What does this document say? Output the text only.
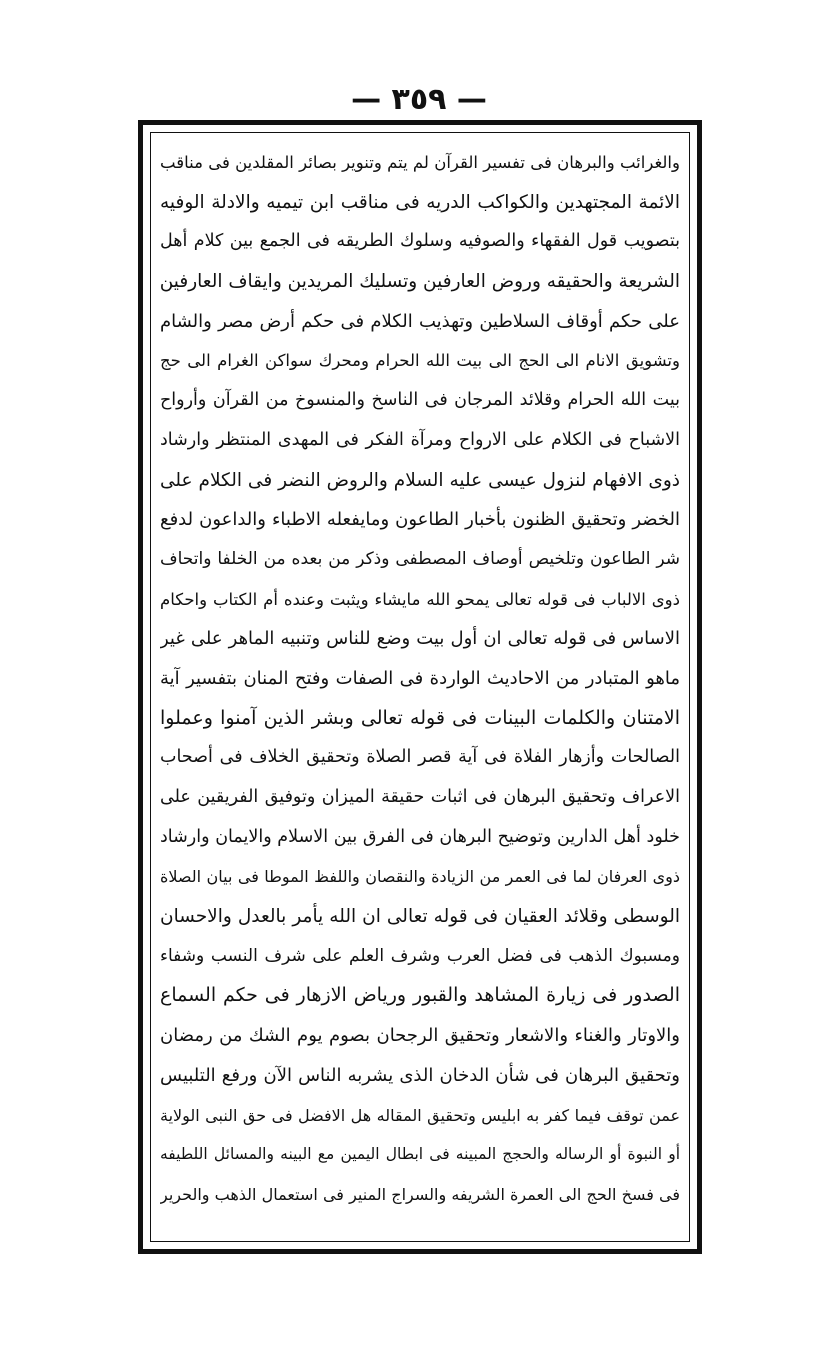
— ٣٥٩ —
والغرائب والبرهان فى تفسير القرآن لم يتم وتنوير بصائر المقلدين فى مناقب
الائمة المجتهدين والكواكب الدريه فى مناقب ابن تيميه والادلة الوفيه
بتصويب قول الفقهاء والصوفيه وسلوك الطريقه فى الجمع بين كلام أهل
الشريعة والحقيقه وروض العارفين وتسليك المريدين وايقاف العارفين
على حكم أوقاف السلاطين وتهذيب الكلام فى حكم أرض مصر والشام
وتشويق الانام الى الحج الى بيت الله الحرام ومحرك سواكن الغرام الى حج
بيت الله الحرام وقلائد المرجان فى الناسخ والمنسوخ من القرآن وأرواح
الاشباح فى الكلام على الارواح ومرآة الفكر فى المهدى المنتظر وارشاد
ذوى الافهام لنزول عيسى عليه السلام والروض النضر فى الكلام على
الخضر وتحقيق الظنون بأخبار الطاعون ومايفعله الاطباء والداعون لدفع
شر الطاعون وتلخيص أوصاف المصطفى وذكر من بعده من الخلفا واتحاف
ذوى الالباب فى قوله تعالى يمحو الله مايشاء ويثبت وعنده أم الكتاب واحكام
الاساس فى قوله تعالى ان أول بيت وضع للناس وتنبيه الماهر على غير
ماهو المتبادر من الاحاديث الواردة فى الصفات وفتح المنان بتفسير آية
الامتنان والكلمات البينات فى قوله تعالى وبشر الذين آمنوا وعملوا
الصالحات وأزهار الفلاة فى آية قصر الصلاة وتحقيق الخلاف فى أصحاب
الاعراف وتحقيق البرهان فى اثبات حقيقة الميزان وتوفيق الفريقين على
خلود أهل الدارين وتوضيح البرهان فى الفرق بين الاسلام والايمان وارشاد
ذوى العرفان لما فى العمر من الزيادة والنقصان واللفظ الموطا فى بيان الصلاة
الوسطى وقلائد العقيان فى قوله تعالى ان الله يأمر بالعدل والاحسان
ومسبوك الذهب فى فضل العرب وشرف العلم على شرف النسب وشفاء
الصدور فى زيارة المشاهد والقبور ورياض الازهار فى حكم السماع
والاوتار والغناء والاشعار وتحقيق الرجحان بصوم يوم الشك من رمضان
وتحقيق البرهان فى شأن الدخان الذى يشربه الناس الآن ورفع التلبيس
عمن توقف فيما كفر به ابليس وتحقيق المقاله هل الافضل فى حق النبى الولاية
أو النبوة أو الرساله والحجج المبينه فى ابطال اليمين مع البينه والمسائل اللطيفه
فى فسخ الحج الى العمرة الشريفه والسراج المنير فى استعمال الذهب والحرير
